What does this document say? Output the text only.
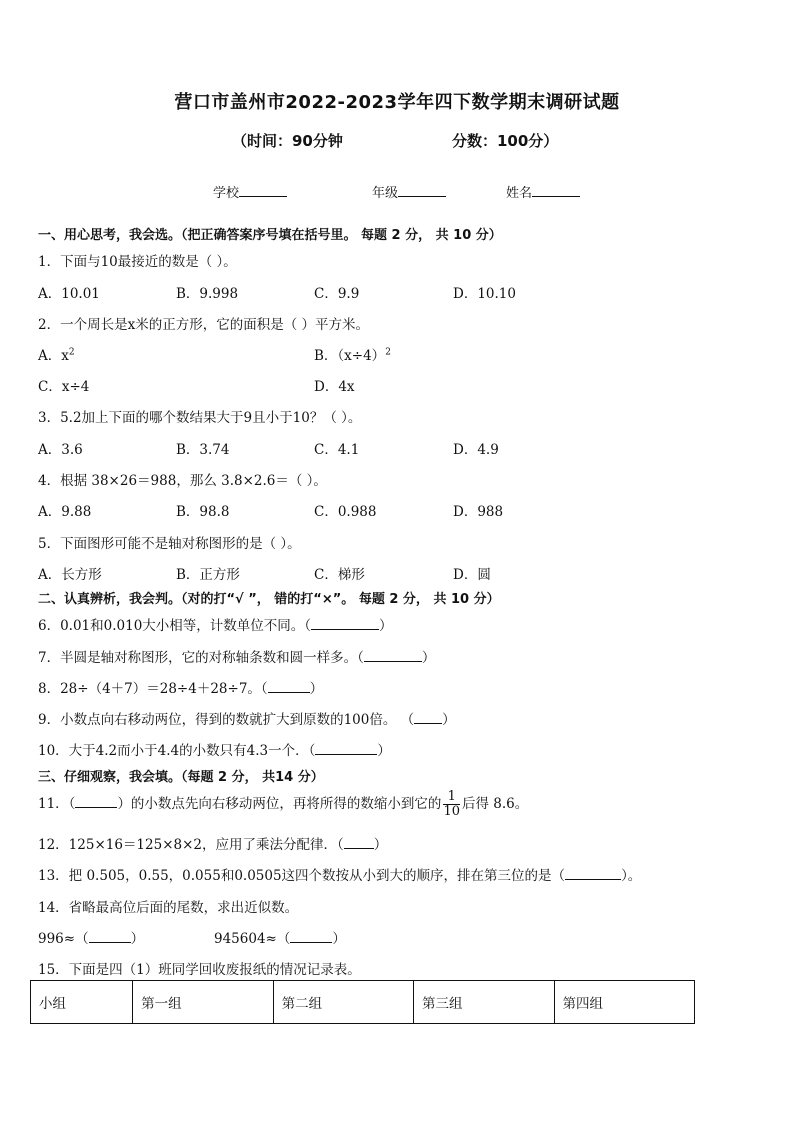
营口市盖州市2022-2023学年四下数学期末调研试题
（时间：90分钟	分数：100分）
学校	年级	姓名
一、用心思考，我会选。（把正确答案序号填在括号里。 每题 2 分， 共 10 分）
1．下面与10最接近的数是（ ）。
A．10.01	B．9.998	C．9.9	D．10.10
2．一个周长是x米的正方形，它的面积是（ ）平方米。
A．$x^2$	B．$(x\div 4)^2$
C．x÷4	D．4x
3．5.2加上下面的哪个数结果大于9且小于10？（ ）。
A．3.6	B．3.74	C．4.1	D．4.9
4．根据 38×26＝988，那么 3.8×2.6＝（ ）。
A．9.88	B．98.8	C．0.988	D．988
5．下面图形可能不是轴对称图形的是（ ）。
A．长方形	B．正方形	C．梯形	D．圆
二、认真辨析，我会判。（对的打“√ ”， 错的打“×”。 每题 2 分， 共 10 分）
6．0.01和0.010大小相等，计数单位不同。（	）
7．半圆是轴对称图形，它的对称轴条数和圆一样多。（	）
8．28÷（4＋7）＝28÷4＋28÷7。（	）
9．小数点向右移动两位，得到的数就扩大到原数的100倍。 （ ）
10．大于4.2而小于4.4的小数只有4.3一个．（	）
三、仔细观察，我会填。（每题 2 分， 共14 分）
11．（	）的小数点先向右移动两位，再将所得的数缩小到它的 $\frac{1}{10}$ 后得 8.6。
12．125×16＝125×8×2，应用了乘法分配律．（ ）
13．把 0.505，0.55，0.055和0.0505这四个数按从小到大的顺序，排在第三位的是（	）。
14．省略最高位后面的尾数，求出近似数。
996≈（	）	945604≈（	）
15．下面是四（1）班同学回收废报纸的情况记录表。
小组	第一组	第二组	第三组	第四组
